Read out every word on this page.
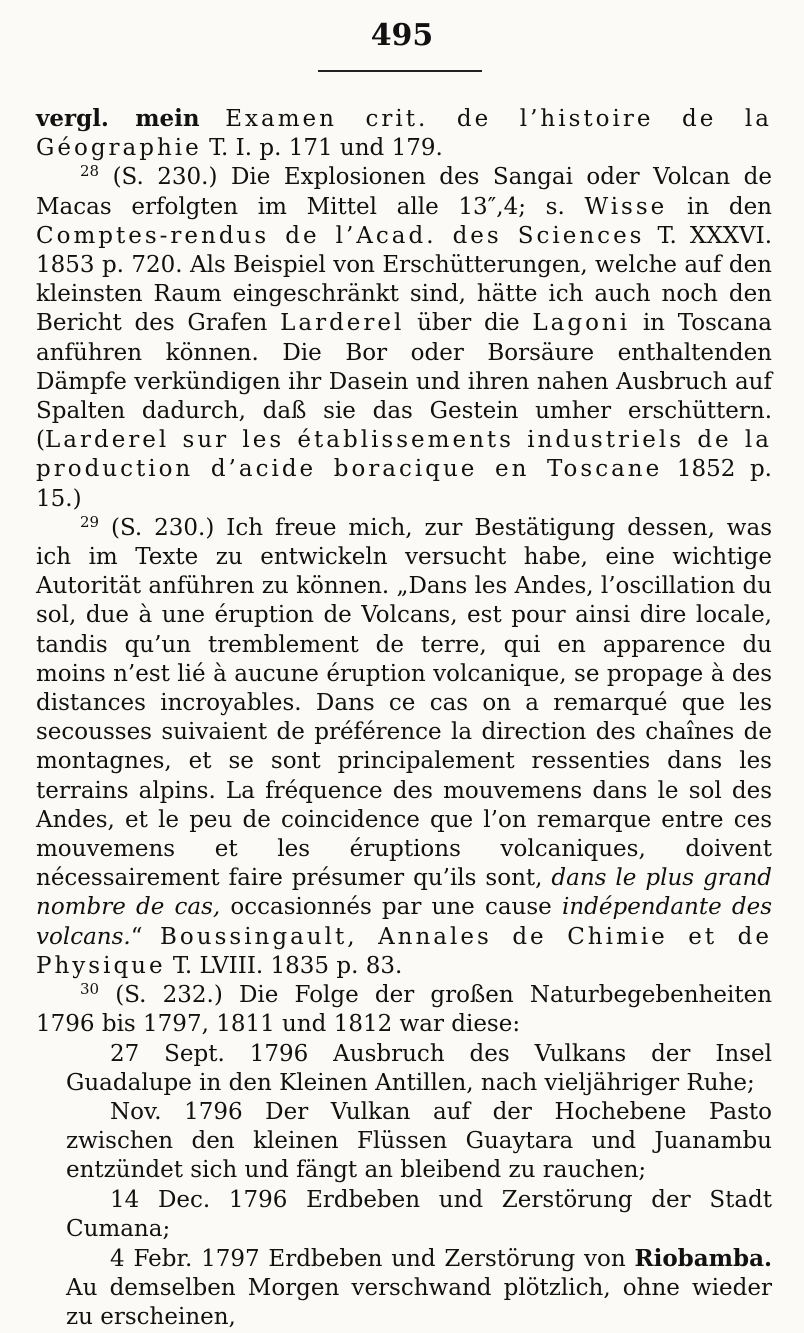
495

vergl. mein Examen crit. de l’histoire de la Géographie T. I. p. 171 und 179.

$^{28}$ (S. 230.) Die Explosionen des Sangai oder Volcan de Macas erfolgten im Mittel alle 13″,4; s. Wisse in den Comptes-rendus de l’Acad. des Sciences T. XXXVI. 1853 p. 720. Als Beispiel von Erschütterungen, welche auf den kleinsten Raum eingeschränkt sind, hätte ich auch noch den Bericht des Grafen Larderel über die Lagoni in Toscana anführen können. Die Bor oder Borsäure enthaltenden Dämpfe verkündigen ihr Dasein und ihren nahen Ausbruch auf Spalten dadurch, daß sie das Gestein umher erschüttern. (Larderel sur les établissements industriels de la production d’acide boracique en Toscane 1852 p. 15.)

$^{29}$ (S. 230.) Ich freue mich, zur Bestätigung dessen, was ich im Texte zu entwickeln versucht habe, eine wichtige Autorität anführen zu können. „Dans les Andes, l’oscillation du sol, due à une éruption de Volcans, est pour ainsi dire locale, tandis qu’un tremblement de terre, qui en apparence du moins n’est lié à aucune éruption volcanique, se propage à des distances incroyables. Dans ce cas on a remarqué que les secousses suivaient de préférence la direction des chaînes de montagnes, et se sont principalement ressenties dans les terrains alpins. La fréquence des mouvemens dans le sol des Andes, et le peu de coincidence que l’on remarque entre ces mouvemens et les éruptions volcaniques, doivent nécessairement faire présumer qu’ils sont, dans le plus grand nombre de cas, occasionnés par une cause indépendante des volcans.“ Boussingault, Annales de Chimie et de Physique T. LVIII. 1835 p. 83.

$^{30}$ (S. 232.) Die Folge der großen Naturbegebenheiten 1796 bis 1797, 1811 und 1812 war diese:

27 Sept. 1796 Ausbruch des Vulkans der Insel Guadalupe in den Kleinen Antillen, nach vieljähriger Ruhe;

Nov. 1796 Der Vulkan auf der Hochebene Pasto zwischen den kleinen Flüssen Guaytara und Juanambu entzündet sich und fängt an bleibend zu rauchen;

14 Dec. 1796 Erdbeben und Zerstörung der Stadt Cumana;

4 Febr. 1797 Erdbeben und Zerstörung von Riobamba. Au demselben Morgen verschwand plötzlich, ohne wieder zu erscheinen,
